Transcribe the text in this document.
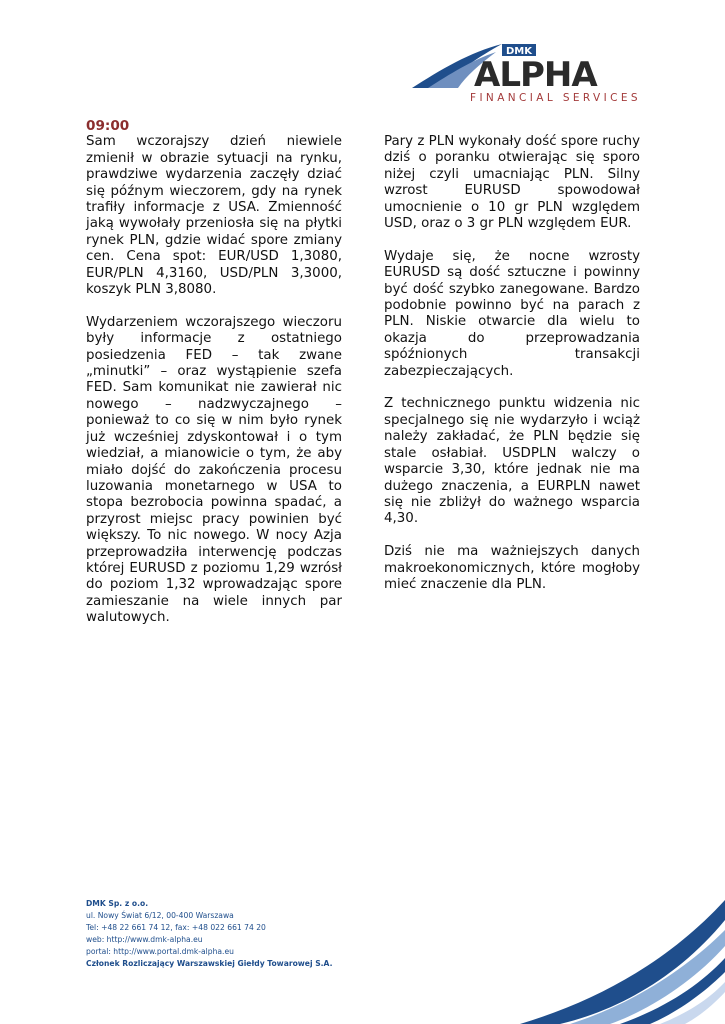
DMK
ALPHA
FINANCIAL SERVICES
09:00

Sam wczorajszy dzień niewiele zmienił w obrazie sytuacji na rynku, prawdziwe wydarzenia zaczęły dziać się późnym wieczorem, gdy na rynek trafiły informacje z USA. Zmienność jaką wywołały przeniosła się na płytki rynek PLN, gdzie widać spore zmiany cen. Cena spot: EUR/USD 1,3080, EUR/PLN 4,3160, USD/PLN 3,3000, koszyk PLN 3,8080.

Wydarzeniem wczorajszego wieczoru były informacje z ostatniego posiedzenia FED – tak zwane „minutki” – oraz wystąpienie szefa FED. Sam komunikat nie zawierał nic nowego – nadzwyczajnego – ponieważ to co się w nim było rynek już wcześniej zdyskontował i o tym wiedział, a mianowicie o tym, że aby miało dojść do zakończenia procesu luzowania monetarnego w USA to stopa bezrobocia powinna spadać, a przyrost miejsc pracy powinien być większy. To nic nowego. W nocy Azja przeprowadziła interwencję podczas której EURUSD z poziomu 1,29 wzrósł do poziom 1,32 wprowadzając spore zamieszanie na wiele innych par walutowych.

Pary z PLN wykonały dość spore ruchy dziś o poranku otwierając się sporo niżej czyli umacniając PLN. Silny wzrost EURUSD spowodował umocnienie o 10 gr PLN względem USD, oraz o 3 gr PLN względem EUR.

Wydaje się, że nocne wzrosty EURUSD są dość sztuczne i powinny być dość szybko zanegowane. Bardzo podobnie powinno być na parach z PLN. Niskie otwarcie dla wielu to okazja do przeprowadzania spóźnionych transakcji zabezpieczających.

Z technicznego punktu widzenia nic specjalnego się nie wydarzyło i wciąż należy zakładać, że PLN będzie się stale osłabiał. USDPLN walczy o wsparcie 3,30, które jednak nie ma dużego znaczenia, a EURPLN nawet się nie zbliżył do ważnego wsparcia 4,30.

Dziś nie ma ważniejszych danych makroekonomicznych, które mogłoby mieć znaczenie dla PLN.

DMK Sp. z o.o.
ul. Nowy Świat 6/12, 00-400 Warszawa
Tel: +48 22 661 74 12, fax: +48 022 661 74 20
web: http://www.dmk-alpha.eu
portal: http://www.portal.dmk-alpha.eu
Członek Rozliczający Warszawskiej Giełdy Towarowej S.A.
